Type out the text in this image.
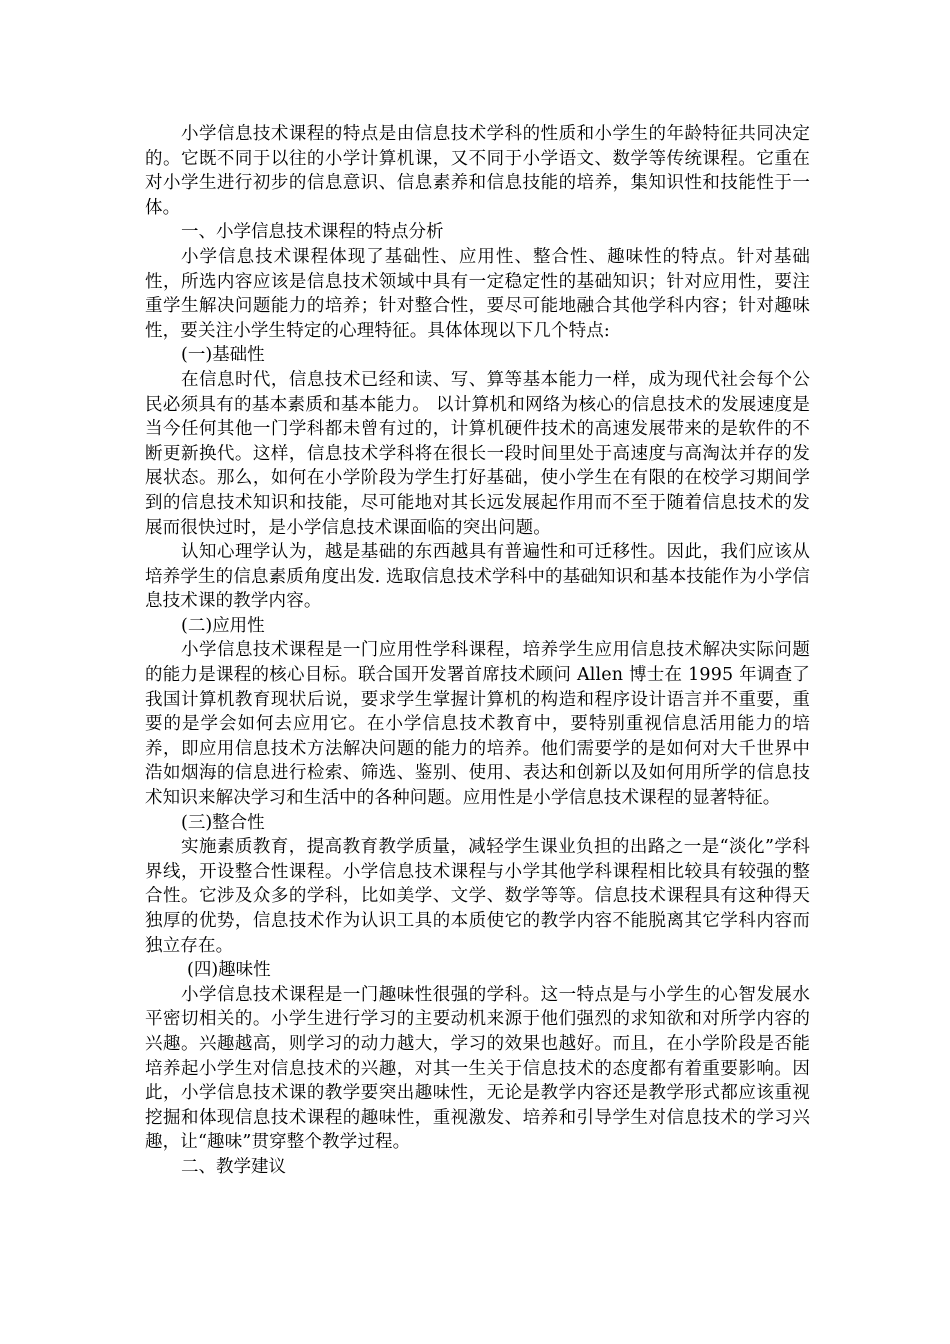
小学信息技术课程的特点是由信息技术学科的性质和小学生的年龄特征共同决定的。它既不同于以往的小学计算机课，又不同于小学语文、数学等传统课程。它重在对小学生进行初步的信息意识、信息素养和信息技能的培养，集知识性和技能性于一体。

一、小学信息技术课程的特点分析

小学信息技术课程体现了基础性、应用性、整合性、趣味性的特点。针对基础性，所选内容应该是信息技术领域中具有一定稳定性的基础知识；针对应用性，要注重学生解决问题能力的培养；针对整合性，要尽可能地融合其他学科内容；针对趣味性，要关注小学生特定的心理特征。具体体现以下几个特点:

(一)基础性

在信息时代，信息技术已经和读、写、算等基本能力一样，成为现代社会每个公民必须具有的基本素质和基本能力。 以计算机和网络为核心的信息技术的发展速度是当今任何其他一门学科都未曾有过的，计算机硬件技术的高速发展带来的是软件的不断更新换代。这样，信息技术学科将在很长一段时间里处于高速度与高淘汰并存的发展状态。那么，如何在小学阶段为学生打好基础，使小学生在有限的在校学习期间学到的信息技术知识和技能，尽可能地对其长远发展起作用而不至于随着信息技术的发展而很快过时，是小学信息技术课面临的突出问题。

认知心理学认为，越是基础的东西越具有普遍性和可迁移性。因此，我们应该从培养学生的信息素质角度出发. 选取信息技术学科中的基础知识和基本技能作为小学信息技术课的教学内容。

(二)应用性

小学信息技术课程是一门应用性学科课程，培养学生应用信息技术解决实际问题的能力是课程的核心目标。联合国开发署首席技术顾问 Allen 博士在 1995 年调查了我国计算机教育现状后说，要求学生掌握计算机的构造和程序设计语言并不重要，重要的是学会如何去应用它。在小学信息技术教育中，要特别重视信息活用能力的培养，即应用信息技术方法解决问题的能力的培养。他们需要学的是如何对大千世界中浩如烟海的信息进行检索、筛选、鉴别、使用、表达和创新以及如何用所学的信息技术知识来解决学习和生活中的各种问题。应用性是小学信息技术课程的显著特征。

(三)整合性

实施素质教育，提高教育教学质量，减轻学生课业负担的出路之一是“淡化”学科界线，开设整合性课程。小学信息技术课程与小学其他学科课程相比较具有较强的整合性。它涉及众多的学科，比如美学、文学、数学等等。信息技术课程具有这种得天独厚的优势，信息技术作为认识工具的本质使它的教学内容不能脱离其它学科内容而独立存在。

(四)趣味性

小学信息技术课程是一门趣味性很强的学科。这一特点是与小学生的心智发展水平密切相关的。小学生进行学习的主要动机来源于他们强烈的求知欲和对所学内容的兴趣。兴趣越高，则学习的动力越大，学习的效果也越好。而且，在小学阶段是否能培养起小学生对信息技术的兴趣，对其一生关于信息技术的态度都有着重要影响。因此，小学信息技术课的教学要突出趣味性，无论是教学内容还是教学形式都应该重视挖掘和体现信息技术课程的趣味性，重视激发、培养和引导学生对信息技术的学习兴趣，让“趣味”贯穿整个教学过程。

二、教学建议
